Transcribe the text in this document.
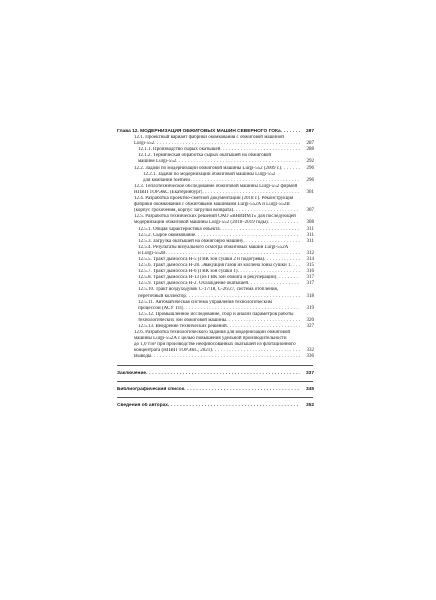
Глава 12. МОДЕРНИЗАЦИЯ ОБЖИГОВЫХ МАШИН СЕВЕРНОГО ГОКа . . .	287
12.1. Проектный вариант фабрики окомкования с обжиговой машиной
Lurgi-552 . . .	287
12.1.1. Производство сырых окатышей . . .	288
12.1.2. Термическая обработка сырых окатышей на обжиговой
машине Lurgi-552 . . .	292
12.2. Задачи по модернизации обжиговой машины Lurgi-552 (2009 г.) . . .	296
12.2.1. Задачи по модернизации обжиговой машины Lurgi-552
для компании Siemens . . .	296
12.3. Теплотехническое обследование обжиговой машины Lurgi-552 фирмой
НПВП ТОРЭКС (Екатеринбург) . . .	301
12.4. Разработка проектно-сметной документации (2018 г.). Реконструкция
фабрики окомкования с обжиговыми машинами Lurgi-552A и Lurgi-552B
(корпус грохочения, корпус загрузки возврата) . . .	307
12.5. Разработка технических решений ОАО «ВНИИМТ» для последующей
модернизации обжиговой машины Lurgi-552 (2018–2019 годы) . . .	308
12.5.1. Общая характеристика объекта . . .	311
12.5.2. Сырое окомкование . . .	311
12.5.3. Загрузка окатышей на обжиговую машину . . .	311
12.5.4. Результаты визуального осмотра обжиговых машин Lurgi-552A
и Lurgi-552B . . .	312
12.5.5. Тракт дымососа Н-5 (ГВК зон сушки 2 и подогрева) . . .	314
12.5.6. Тракт дымососа Н-28. Эвакуация газов из коллена зоны сушки 1 . . .	315
12.5.7. Тракт дымососа Н-6 (ГВК зон сушки 1) . . .	316
12.5.8. Тракт дымососа Н-13 (из ГВК зон обжига и рекуперации) . . .	317
12.5.9. Тракт дымососа Н-2. Охлаждение окатышей . . .	317
12.5.10. Тракт воздуходувок С-17/18, С-26/27, система отопления,
переточный коллектор . . .	318
12.5.11. Автоматическая система управления технологическим
процессом (АСУ ТП) . . .	319
12.5.12. Промышленное исследование, сбор и анализ параметров работы
технологических зон обжиговой машины . . .	320
12.5.13. Внедрение технических решений . . .	327
12.6. Разработка технологического задания для модернизации обжиговой
машины Lurgi-552A с целью повышения удельной производительности
до 1,0 т/м² при производстве неофлюсованных окатышей из флотационного
концентрата (НПВП ТОРЭКС, 2021) . . .	332
Выводы . . .	336
Заключение . . .	337
Библиографический список . . .	345
Сведения об авторах . . .	352
